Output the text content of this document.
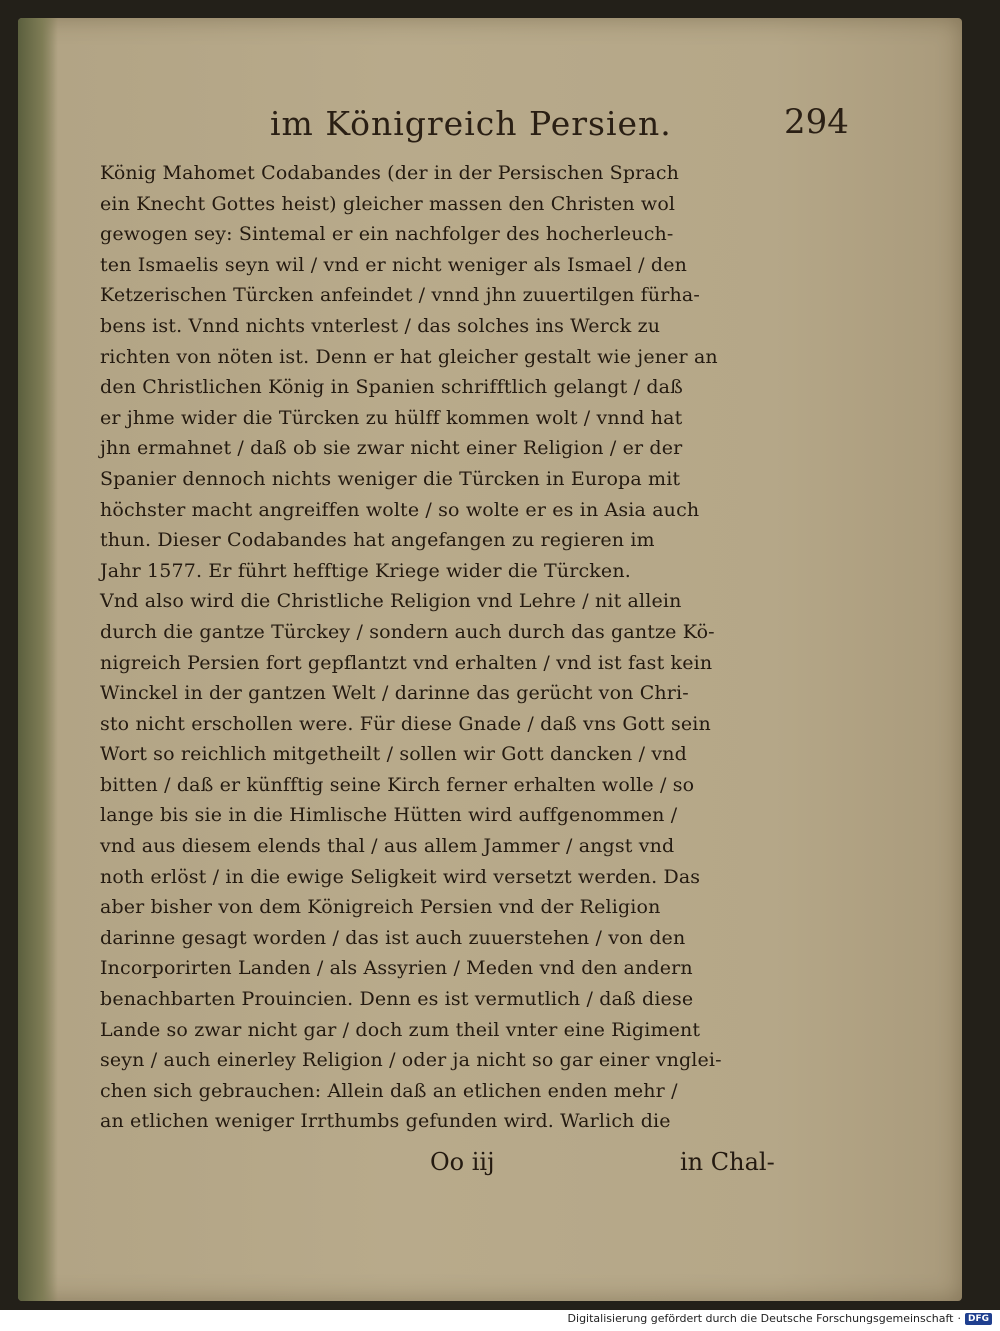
im Königreich Persien.	294
König Mahomet Codabandes (der in der Persischen Sprach
ein Knecht Gottes heist) gleicher massen den Christen wol
gewogen sey: Sintemal er ein nachfolger des hocherleuch-
ten Ismaelis seyn wil / vnd er nicht weniger als Ismael / den
Ketzerischen Türcken anfeindet / vnnd jhn zuuertilgen fürha-
bens ist. Vnnd nichts vnterlest / das solches ins Werck zu
richten von nöten ist. Denn er hat gleicher gestalt wie jener an
den Christlichen König in Spanien schrifftlich gelangt / daß
er jhme wider die Türcken zu hülff kommen wolt / vnnd hat
jhn ermahnet / daß ob sie zwar nicht einer Religion / er der
Spanier dennoch nichts weniger die Türcken in Europa mit
höchster macht angreiffen wolte / so wolte er es in Asia auch
thun. Dieser Codabandes hat angefangen zu regieren im
Jahr 1577. Er führt hefftige Kriege wider die Türcken.
Vnd also wird die Christliche Religion vnd Lehre / nit allein
durch die gantze Türckey / sondern auch durch das gantze Kö-
nigreich Persien fort gepflantzt vnd erhalten / vnd ist fast kein
Winckel in der gantzen Welt / darinne das gerücht von Chri-
sto nicht erschollen were. Für diese Gnade / daß vns Gott sein
Wort so reichlich mitgetheilt / sollen wir Gott dancken / vnd
bitten / daß er künfftig seine Kirch ferner erhalten wolle / so
lange bis sie in die Himlische Hütten wird auffgenommen /
vnd aus diesem elends thal / aus allem Jammer / angst vnd
noth erlöst / in die ewige Seligkeit wird versetzt werden. Das
aber bisher von dem Königreich Persien vnd der Religion
darinne gesagt worden / das ist auch zuuerstehen / von den
Incorporirten Landen / als Assyrien / Meden vnd den andern
benachbarten Prouincien. Denn es ist vermutlich / daß diese
Lande so zwar nicht gar / doch zum theil vnter eine Rigiment
seyn / auch einerley Religion / oder ja nicht so gar einer vnglei-
chen sich gebrauchen: Allein daß an etlichen enden mehr /
an etlichen weniger Irrthumbs gefunden wird. Warlich die
Oo iij	in Chal-
Digitalisierung gefördert durch die Deutsche Forschungsgemeinschaft · DFG
